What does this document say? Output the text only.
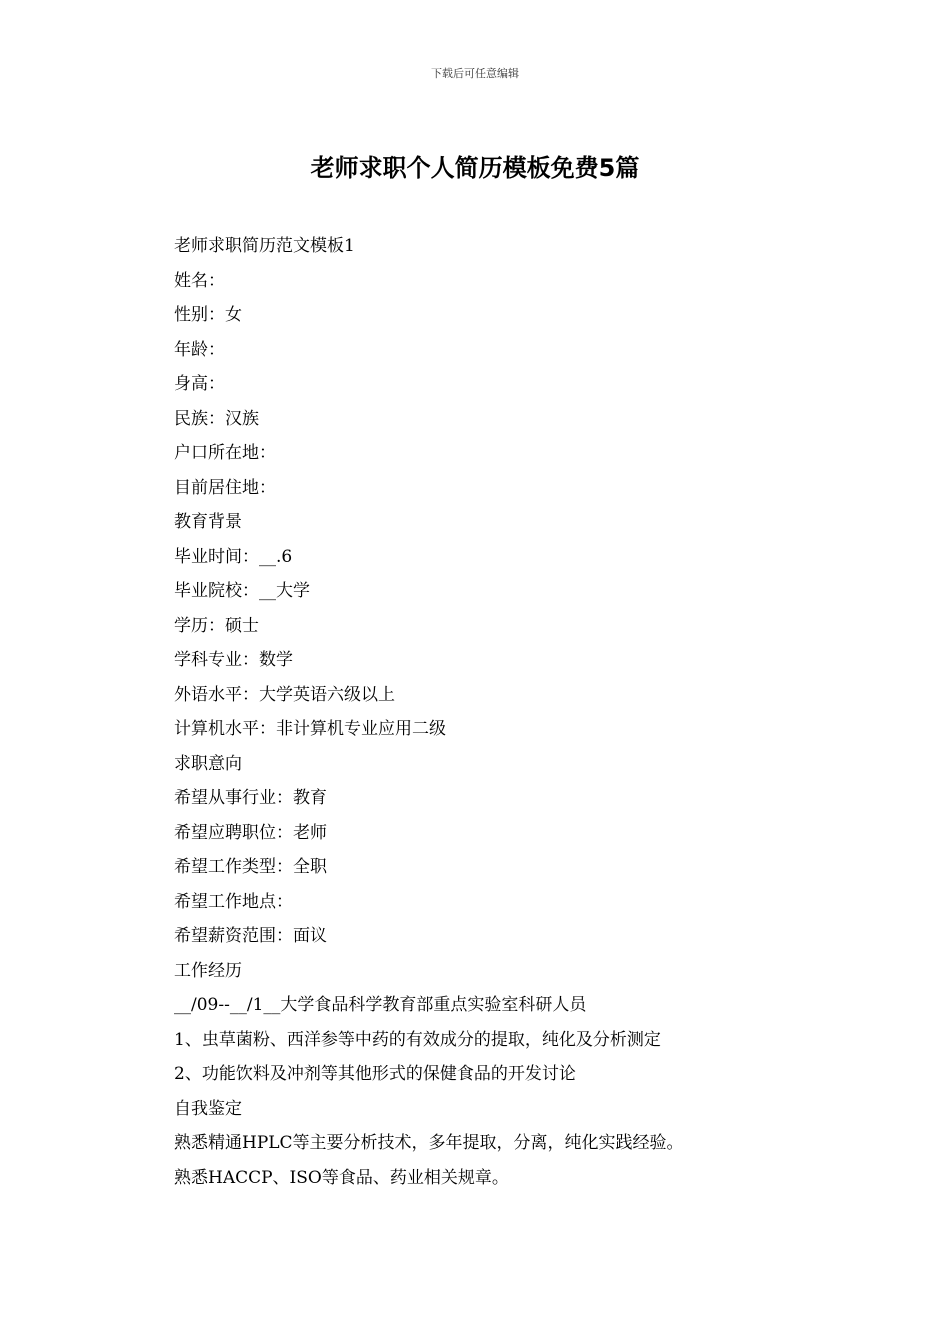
下载后可任意编辑
老师求职个人简历模板免费5篇
老师求职简历范文模板1
姓名：
性别：女
年龄：
身高：
民族：汉族
户口所在地：
目前居住地：
教育背景
毕业时间：__.6
毕业院校：__大学
学历：硕士
学科专业：数学
外语水平：大学英语六级以上
计算机水平：非计算机专业应用二级
求职意向
希望从事行业：教育
希望应聘职位：老师
希望工作类型：全职
希望工作地点：
希望薪资范围：面议
工作经历
__/09--__/1__大学食品科学教育部重点实验室科研人员
1、虫草菌粉、西洋参等中药的有效成分的提取，纯化及分析测定
2、功能饮料及冲剂等其他形式的保健食品的开发讨论
自我鉴定
熟悉精通HPLC等主要分析技术，多年提取，分离，纯化实践经验。
熟悉HACCP、ISO等食品、药业相关规章。
